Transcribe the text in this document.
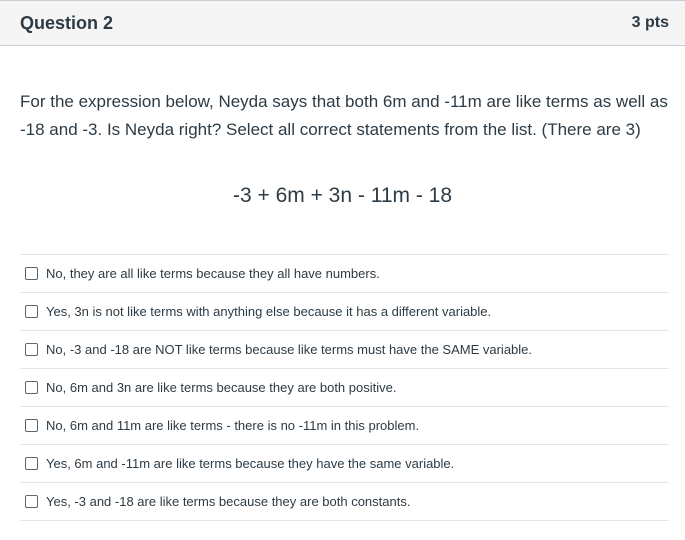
Question 2	3 pts

For the expression below, Neyda says that both 6m and -11m are like terms as well as -18 and -3. Is Neyda right? Select all correct statements from the list. (There are 3)

-3 + 6m + 3n - 11m - 18
No, they are all like terms because they all have numbers.
Yes, 3n is not like terms with anything else because it has a different variable.
No, -3 and -18 are NOT like terms because like terms must have the SAME variable.
No, 6m and 3n are like terms because they are both positive.
No, 6m and 11m are like terms - there is no -11m in this problem.
Yes, 6m and -11m are like terms because they have the same variable.
Yes, -3 and -18 are like terms because they are both constants.
